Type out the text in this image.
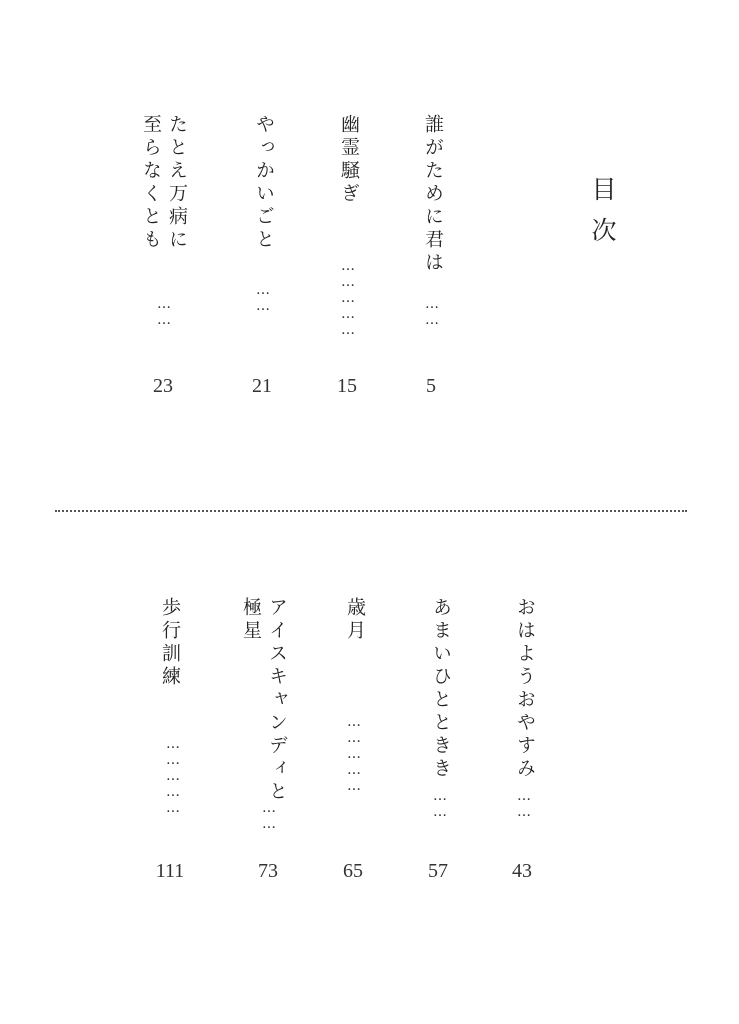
目次
誰がために君は
……
5
幽霊騒ぎ
……………
15
やっかいごと
……
21
たとえ万病に
至らなくとも
……
23
おはようおやすみ
……
43
あまいひとときき
……
57
歳月
……………
65
アイスキャンディと
極星
……
73
歩行訓練
……………
111
